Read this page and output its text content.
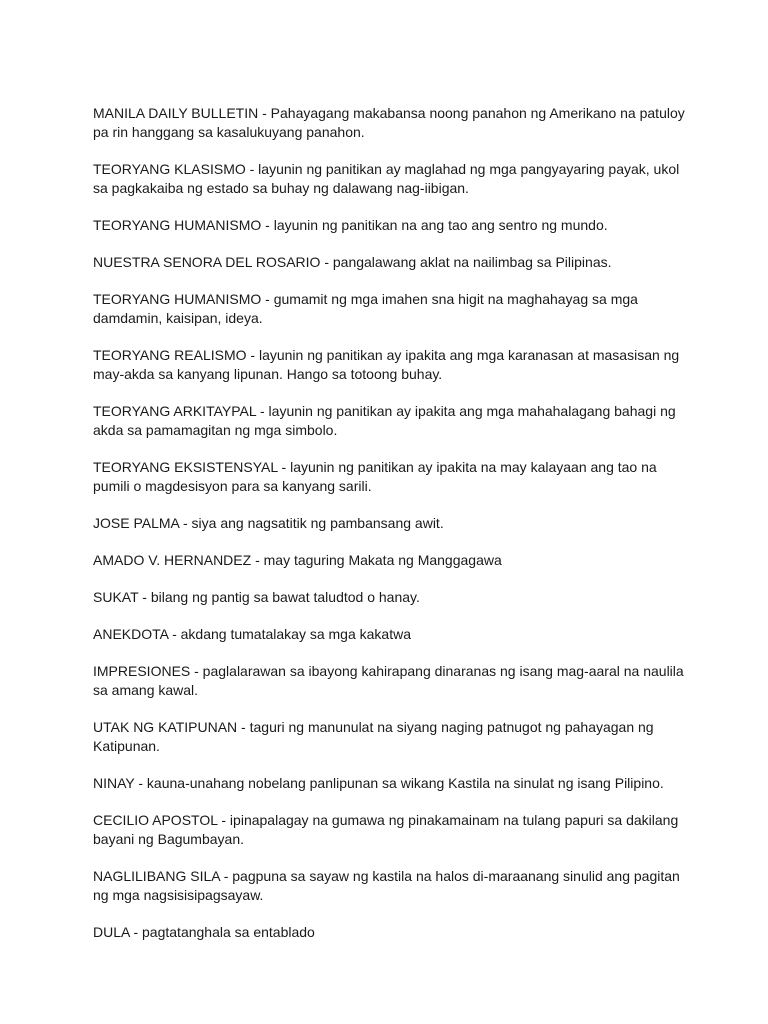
MANILA DAILY BULLETIN - Pahayagang makabansa noong panahon ng Amerikano na patuloy pa rin hanggang sa kasalukuyang panahon.

TEORYANG KLASISMO - layunin ng panitikan ay maglahad ng mga pangyayaring payak, ukol sa pagkakaiba ng estado sa buhay ng dalawang nag-iibigan.

TEORYANG HUMANISMO - layunin ng panitikan na ang tao ang sentro ng mundo.

NUESTRA SENORA DEL ROSARIO - pangalawang aklat na nailimbag sa Pilipinas.

TEORYANG HUMANISMO - gumamit ng mga imahen sna higit na maghahayag sa mga damdamin, kaisipan, ideya.

TEORYANG REALISMO - layunin ng panitikan ay ipakita ang mga karanasan at masasisan ng may-akda sa kanyang lipunan. Hango sa totoong buhay.

TEORYANG ARKITAYPAL - layunin ng panitikan ay ipakita ang mga mahahalagang bahagi ng akda sa pamamagitan ng mga simbolo.

TEORYANG EKSISTENSYAL - layunin ng panitikan ay ipakita na may kalayaan ang tao na pumili o magdesisyon para sa kanyang sarili.

JOSE PALMA - siya ang nagsatitik ng pambansang awit.

AMADO V. HERNANDEZ - may taguring Makata ng Manggagawa

SUKAT - bilang ng pantig sa bawat taludtod o hanay.

ANEKDOTA - akdang tumatalakay sa mga kakatwa

IMPRESIONES - paglalarawan sa ibayong kahirapang dinaranas ng isang mag-aaral na naulila sa amang kawal.

UTAK NG KATIPUNAN - taguri ng manunulat na siyang naging patnugot ng pahayagan ng Katipunan.

NINAY - kauna-unahang nobelang panlipunan sa wikang Kastila na sinulat ng isang Pilipino.

CECILIO APOSTOL - ipinapalagay na gumawa ng pinakamainam na tulang papuri sa dakilang bayani ng Bagumbayan.

NAGLILIBANG SILA - pagpuna sa sayaw ng kastila na halos di-maraanang sinulid ang pagitan ng mga nagsisisipagsayaw.

DULA - pagtatanghala sa entablado
